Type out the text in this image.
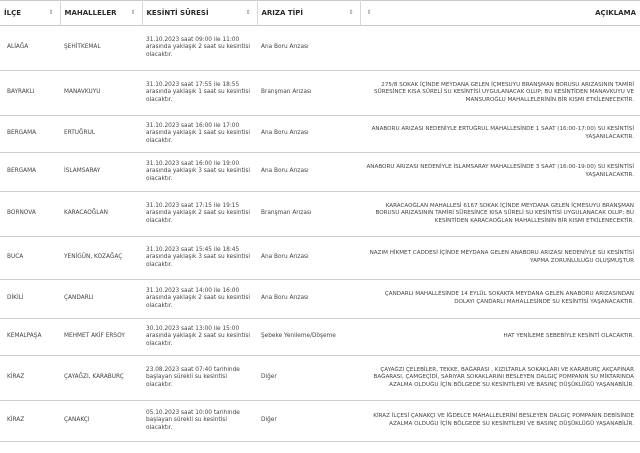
İLÇE ⇕	MAHALLELER ⇕	KESİNTİ SÜRESİ ⇕	ARIZA TİPİ ⇕	⇕ AÇIKLAMA

ALİAĞA	ŞEHİTKEMAL	31.10.2023 saat 09:00 ile 11:00 arasında yaklaşık 2 saat su kesintisi olacaktır.	Ana Boru Arızası	
BAYRAKLI	MANAVKUYU	31.10.2023 saat 17:55 ile 18:55 arasında yaklaşık 1 saat su kesintisi olacaktır.	Branşman Arızası	275/8 SOKAK İÇİNDE MEYDANA GELEN İÇMESUYU BRANŞMAN BORUSU ARIZASININ TAMİRİ SÜRESİNCE KISA SÜRELİ SU KESİNTİSİ UYGULANACAK OLUP; BU KESİNTİDEN MANAVKUYU VE MANSUROĞLU MAHALLELERİNİN BİR KISMI ETKİLENECEKTİR.
BERGAMA	ERTUĞRUL	31.10.2023 saat 16:00 ile 17:00 arasında yaklaşık 1 saat su kesintisi olacaktır.	Ana Boru Arızası	ANABORU ARIZASI NEDENİYLE ERTUĞRUL MAHALLESİNDE 1 SAAT (16:00-17:00) SU KESİNTİSİ YAŞANILACAKTIR.
BERGAMA	İSLAMSARAY	31.10.2023 saat 16:00 ile 19:00 arasında yaklaşık 3 saat su kesintisi olacaktır.	Ana Boru Arızası	ANABORU ARIZASI NEDENİYLE İSLAMSARAY MAHALLESİNDE 3 SAAT (16:00-19:00) SU KESİNTİSİ YAŞANILACAKTIR.
BORNOVA	KARACAOĞLAN	31.10.2023 saat 17:15 ile 19:15 arasında yaklaşık 2 saat su kesintisi olacaktır.	Branşman Arızası	KARACAOĞLAN MAHALLESİ 6167 SOKAK İÇİNDE MEYDANA GELEN İÇMESUYU BRANŞMAN BORUSU ARIZASININ TAMİRİ SÜRESİNCE KISA SÜRELİ SU KESİNTİSİ UYGULANACAK OLUP; BU KESİNTİDEN KARACAOĞLAN MAHALLESİNİN BİR KISMI ETKİLENECEKTİR.
BUCA	YENİGÜN, KOZAĞAÇ	31.10.2023 saat 15:45 ile 18:45 arasında yaklaşık 3 saat su kesintisi olacaktır.	Ana Boru Arızası	NAZIM HİKMET CADDESİ İÇİNDE MEYDANA GELEN ANABORU ARIZASI NEDENİYLE SU KESİNTİSİ YAPMA ZORUNLULUĞU OLUŞMUŞTUR
DİKİLİ	ÇANDARLI	31.10.2023 saat 14:00 ile 16:00 arasında yaklaşık 2 saat su kesintisi olacaktır.	Ana Boru Arızası	ÇANDARLI MAHALLESİNDE 14 EYLÜL SOKAKTA MEYDANA GELEN ANABORU ARIZASINDAN DOLAYI ÇANDARLI MAHALLESİNDE SU KESİNTİSİ YAŞANACAKTIR.
KEMALPAŞA	MEHMET AKİF ERSOY	30.10.2023 saat 13:00 ile 15:00 arasında yaklaşık 2 saat su kesintisi olacaktır.	Şebeke Yenileme/Döşeme	HAT YENİLEME SEBEBİYLE KESİNTİ OLACAKTIR.
KİRAZ	ÇAYAĞZI, KARABURÇ	23.08.2023 saat 07:40 tarihinde başlayan sürekli su kesintisi olacaktır.	Diğer	ÇAYAĞZI ÇELEBİLER, TEKKE, BAĞARASI , KIZILTARLA SOKAKLARI VE KARABURÇ AKÇAPINAR BAĞARASI, ÇAMGEÇİDİ, SARIYAR SOKAKLARINI BESLEYEN DALGIÇ POMPANIN SU MİKTARINDA AZALMA OLDUĞU İÇİN BÖLGEDE SU KESİNTİLERİ VE BASINÇ DÜŞÜKLÜĞÜ YAŞANABİLİR.
KİRAZ	ÇANAKÇI	05.10.2023 saat 10:00 tarihinde başlayan sürekli su kesintisi olacaktır.	Diğer	KİRAZ İLÇESİ ÇANAKÇI VE İĞDELCE MAHALLELERİNİ BESLEYEN DALGIÇ POMPANIN DEBİSİNDE AZALMA OLDUĞU İÇİN BÖLGEDE SU KESİNTİLERİ VE BASINÇ DÜŞÜKLÜĞÜ YAŞANABİLİR.
